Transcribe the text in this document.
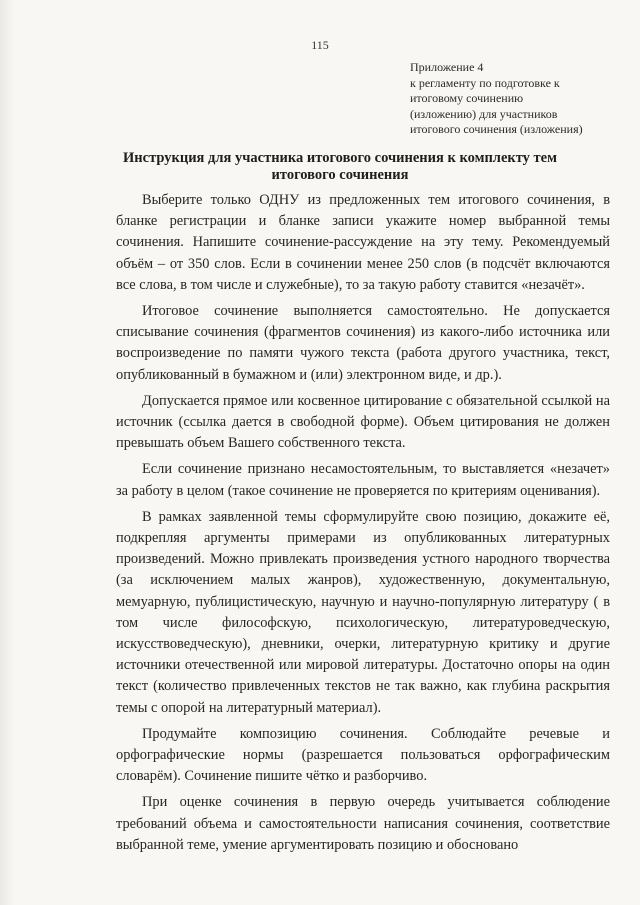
115
Приложение 4
к регламенту по подготовке к
итоговому сочинению
(изложению) для участников
итогового сочинения (изложения)
Инструкция для участника итогового сочинения к комплекту тем итогового сочинения

Выберите только ОДНУ из предложенных тем итогового сочинения, в бланке регистрации и бланке записи укажите номер выбранной темы сочинения. Напишите сочинение-рассуждение на эту тему. Рекомендуемый объём – от 350 слов. Если в сочинении менее 250 слов (в подсчёт включаются все слова, в том числе и служебные), то за такую работу ставится «незачёт».

Итоговое сочинение выполняется самостоятельно. Не допускается списывание сочинения (фрагментов сочинения) из какого-либо источника или воспроизведение по памяти чужого текста (работа другого участника, текст, опубликованный в бумажном и (или) электронном виде, и др.).

Допускается прямое или косвенное цитирование с обязательной ссылкой на источник (ссылка дается в свободной форме). Объем цитирования не должен превышать объем Вашего собственного текста.

Если сочинение признано несамостоятельным, то выставляется «незачет» за работу в целом (такое сочинение не проверяется по критериям оценивания).

В рамках заявленной темы сформулируйте свою позицию, докажите её, подкрепляя аргументы примерами из опубликованных литературных произведений. Можно привлекать произведения устного народного творчества (за исключением малых жанров), художественную, документальную, мемуарную, публицистическую, научную и научно-популярную литературу ( в том числе философскую, психологическую, литературоведческую, искусствоведческую), дневники, очерки, литературную критику и другие источники отечественной или мировой литературы. Достаточно опоры на один текст (количество привлеченных текстов не так важно, как глубина раскрытия темы с опорой на литературный материал).

Продумайте композицию сочинения. Соблюдайте речевые и орфографические нормы (разрешается пользоваться орфографическим словарём). Сочинение пишите чётко и разборчиво.

При оценке сочинения в первую очередь учитывается соблюдение требований объема и самостоятельности написания сочинения, соответствие выбранной теме, умение аргументировать позицию и обосновано
